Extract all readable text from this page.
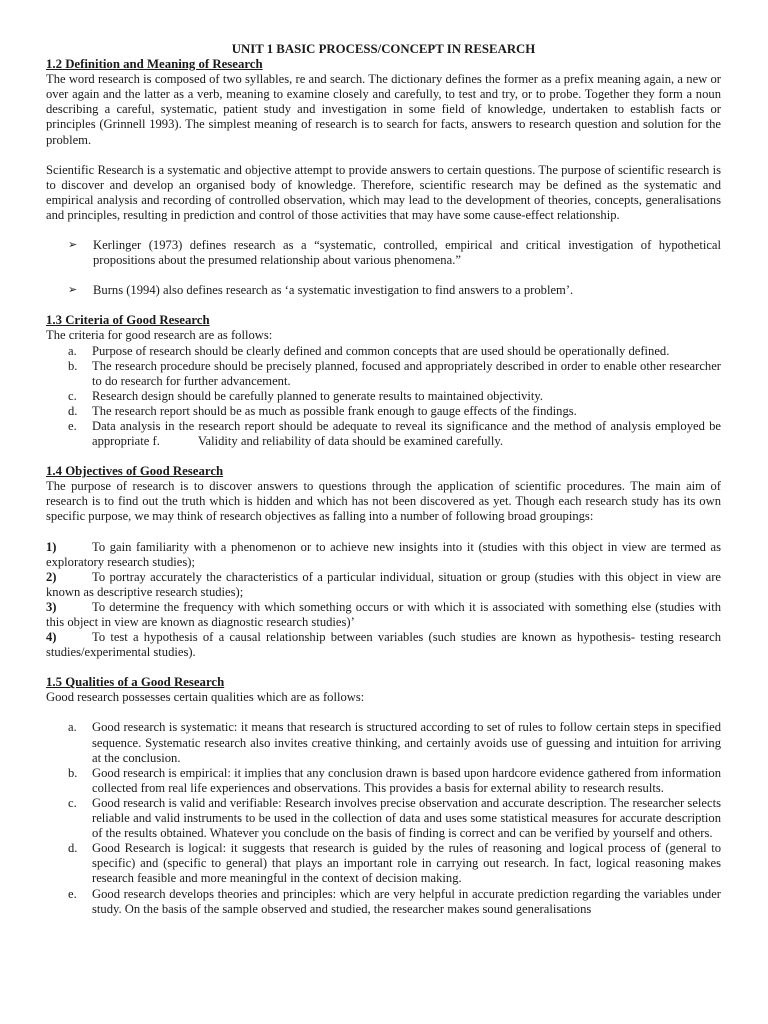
UNIT 1 BASIC PROCESS/CONCEPT IN RESEARCH
1.2 Definition and Meaning of Research

The word research is composed of two syllables, re and search. The dictionary defines the former as a prefix meaning again, a new or over again and the latter as a verb, meaning to examine closely and carefully, to test and try, or to probe. Together they form a noun describing a careful, systematic, patient study and investigation in some field of knowledge, undertaken to establish facts or principles (Grinnell 1993). The simplest meaning of research is to search for facts, answers to research question and solution for the problem.

Scientific Research is a systematic and objective attempt to provide answers to certain questions. The purpose of scientific research is to discover and develop an organised body of knowledge. Therefore, scientific research may be defined as the systematic and empirical analysis and recording of controlled observation, which may lead to the development of theories, concepts, generalisations and principles, resulting in prediction and control of those activities that may have some cause-effect relationship.

➢	Kerlinger (1973) defines research as a “systematic, controlled, empirical and critical investigation of hypothetical propositions about the presumed relationship about various phenomena.”
➢	Burns (1994) also defines research as ‘a systematic investigation to find answers to a problem’.
1.3 Criteria of Good Research

The criteria for good research are as follows:

a.	Purpose of research should be clearly defined and common concepts that are used should be operationally defined.
b.	The research procedure should be precisely planned, focused and appropriately described in order to enable other researcher to do research for further advancement.
c.	Research design should be carefully planned to generate results to maintained objectivity.
d.	The research report should be as much as possible frank enough to gauge effects of the findings.
e.	Data analysis in the research report should be adequate to reveal its significance and the method of analysis employed be appropriate f.	Validity and reliability of data should be examined carefully.
1.4 Objectives of Good Research

The purpose of research is to discover answers to questions through the application of scientific procedures. The main aim of research is to find out the truth which is hidden and which has not been discovered as yet. Though each research study has its own specific purpose, we may think of research objectives as falling into a number of following broad groupings:

1)	To gain familiarity with a phenomenon or to achieve new insights into it (studies with this object in view are termed as exploratory research studies);

2)	To portray accurately the characteristics of a particular individual, situation or group (studies with this object in view are known as descriptive research studies);

3)	To determine the frequency with which something occurs or with which it is associated with something else (studies with this object in view are known as diagnostic research studies)’

4)	To test a hypothesis of a causal relationship between variables (such studies are known as hypothesis- testing research studies/experimental studies).

1.5 Qualities of a Good Research

Good research possesses certain qualities which are as follows:

a.	Good research is systematic: it means that research is structured according to set of rules to follow certain steps in specified sequence. Systematic research also invites creative thinking, and certainly avoids use of guessing and intuition for arriving at the conclusion.
b.	Good research is empirical: it implies that any conclusion drawn is based upon hardcore evidence gathered from information collected from real life experiences and observations. This provides a basis for external ability to research results.
c.	Good research is valid and verifiable: Research involves precise observation and accurate description. The researcher selects reliable and valid instruments to be used in the collection of data and uses some statistical measures for accurate description of the results obtained. Whatever you conclude on the basis of finding is correct and can be verified by yourself and others.
d.	Good Research is logical: it suggests that research is guided by the rules of reasoning and logical process of (general to specific) and (specific to general) that plays an important role in carrying out research. In fact, logical reasoning makes research feasible and more meaningful in the context of decision making.
e.	Good research develops theories and principles: which are very helpful in accurate prediction regarding the variables under study. On the basis of the sample observed and studied, the researcher makes sound generalisations
